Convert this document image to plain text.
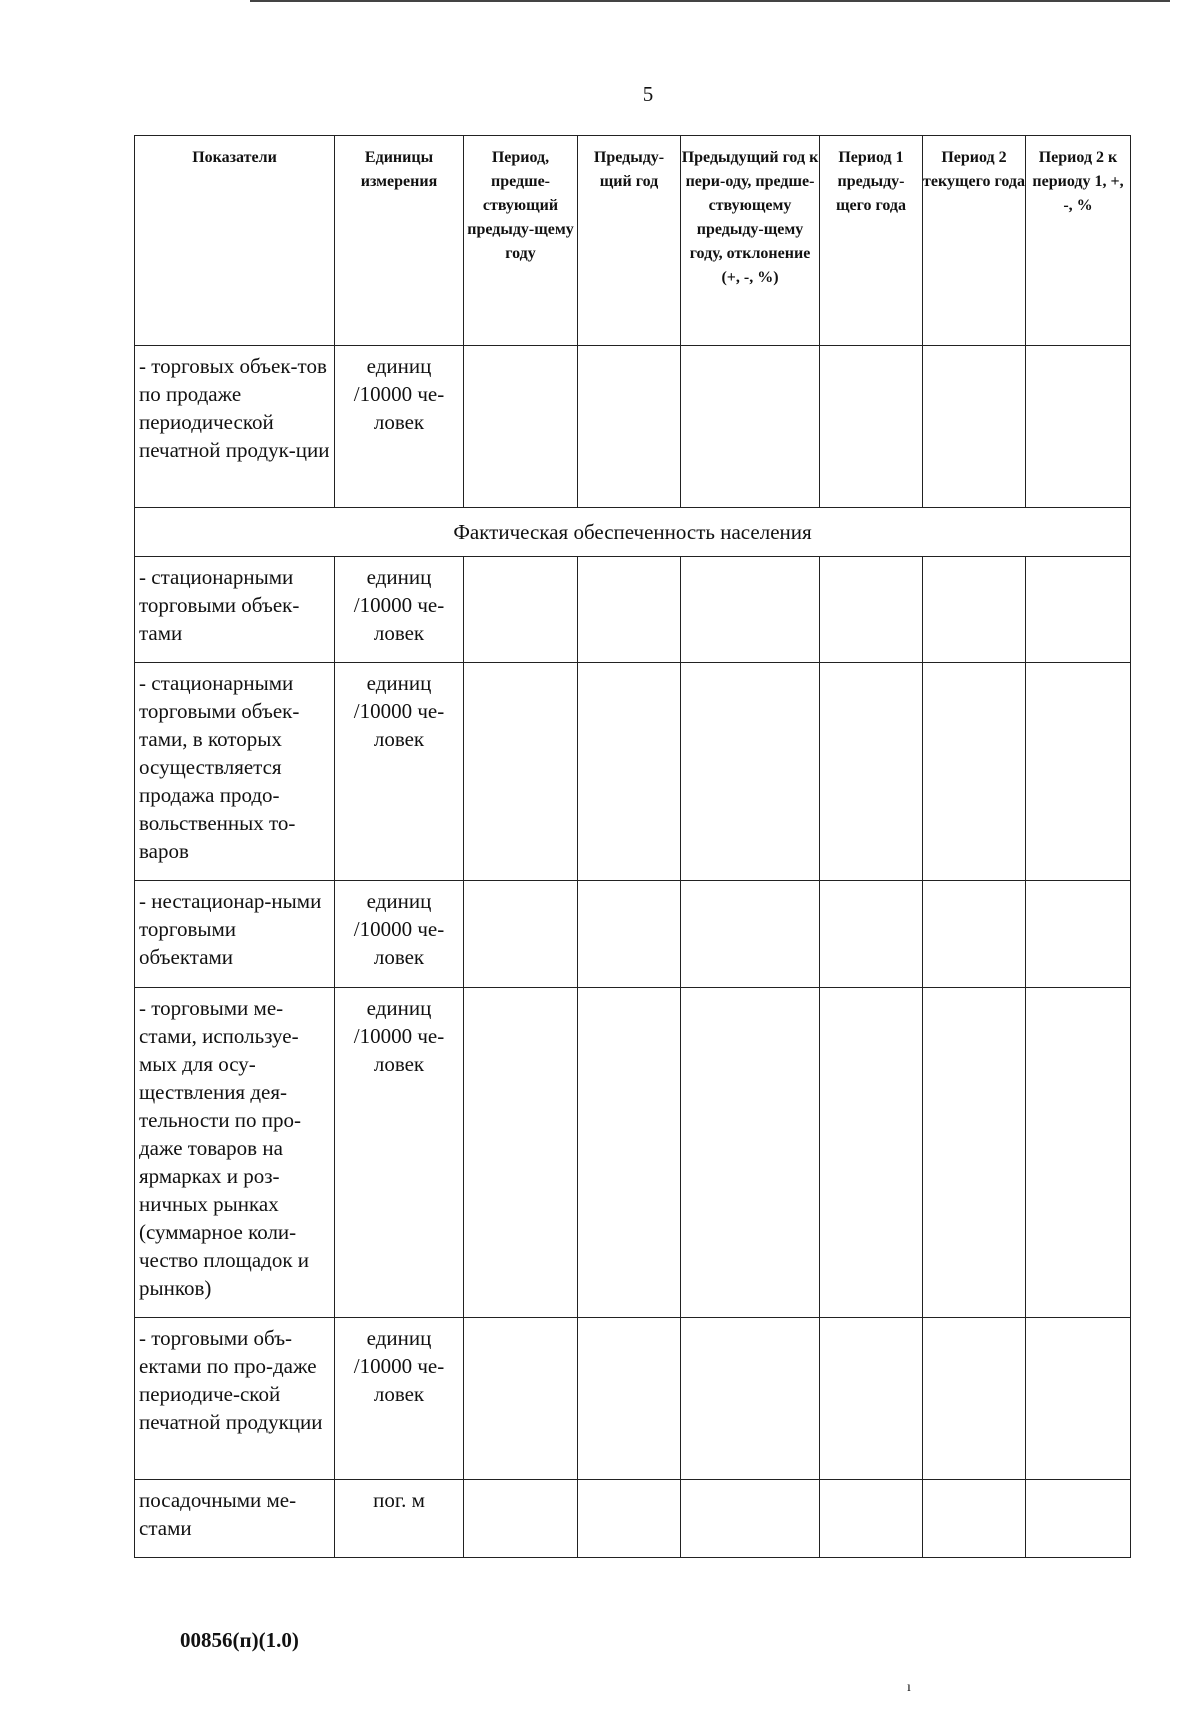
5
Показатели	Единицы измерения	Период, предше-ствующий предыду-щему году	Предыду-щий год	Предыдущий год к пери-оду, предше-ствующему предыду-щему году, отклонение (+, -, %)	Период 1 предыду-щего года	Период 2 текущего года	Период 2 к периоду 1, +, -, %
- торговых объек-тов по продаже периодической печатной продук-ции	единиц /10000 че-ловек						
Фактическая обеспеченность населения							
- стационарными торговыми объек-тами	единиц /10000 че-ловек						
- стационарными торговыми объек-тами, в которых осуществляется продажа продо-вольственных то-варов	единиц /10000 че-ловек						
- нестационар-ными торговыми объектами	единиц /10000 че-ловек						
- торговыми ме-стами, используе-мых для осу-ществления дея-тельности по про-даже товаров на ярмарках и роз-ничных рынках (суммарное коли-чество площадок и рынков)	единиц /10000 че-ловек						
- торговыми объ-ектами по про-даже периодиче-ской печатной продукции	единиц /10000 че-ловек						
посадочными ме-стами	пог. м						
00856(п)(1.0)
ı
